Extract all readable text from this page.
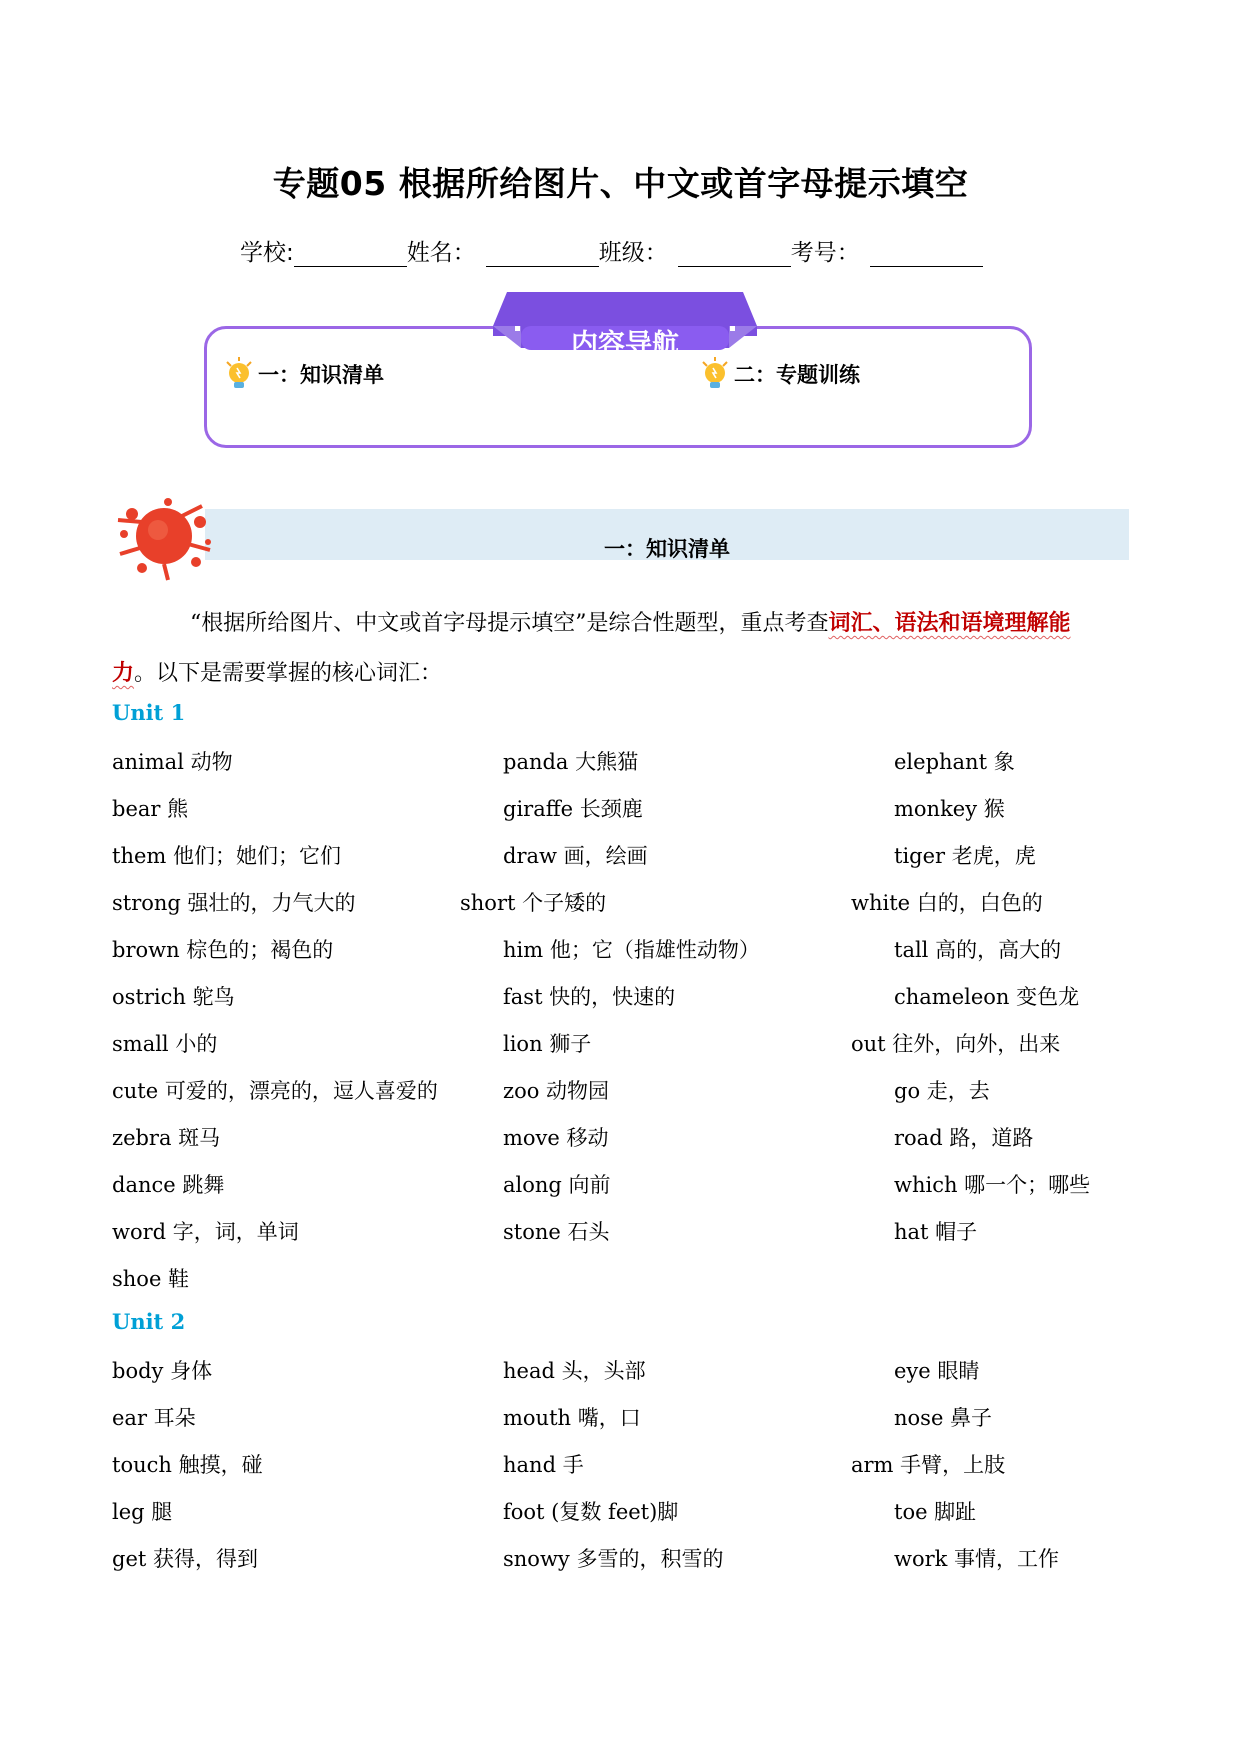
专题05 根据所给图片、中文或首字母提示填空
学校:	姓名：	班级：	考号：
内容导航
一：知识清单	二：专题训练
一：知识清单
“根据所给图片、中文或首字母提示填空”是综合性题型，重点考查词汇、语法和语境理解能
力。以下是需要掌握的核心词汇：
Unit 1
Unit 2
animal 动物	panda 大熊猫	elephant 象
bear 熊	giraffe 长颈鹿	monkey 猴
them 他们；她们；它们	draw 画，绘画	tiger 老虎，虎
strong 强壮的，力气大的	short 个子矮的	white 白的，白色的
brown 棕色的；褐色的	him 他；它（指雄性动物）	tall 高的，高大的
ostrich 鸵鸟	fast 快的，快速的	chameleon 变色龙
small 小的	lion 狮子	out 往外，向外，出来
cute 可爱的，漂亮的，逗人喜爱的	zoo 动物园	go 走，去
zebra 斑马	move 移动	road 路，道路
dance 跳舞	along 向前	which 哪一个；哪些
word 字，词，单词	stone 石头	hat 帽子
shoe 鞋
body 身体	head 头，头部	eye 眼睛
ear 耳朵	mouth 嘴，口	nose 鼻子
touch 触摸，碰	hand 手	arm 手臂，上肢
leg 腿	foot (复数 feet)脚	toe 脚趾
get 获得，得到	snowy 多雪的，积雪的	work 事情，工作
